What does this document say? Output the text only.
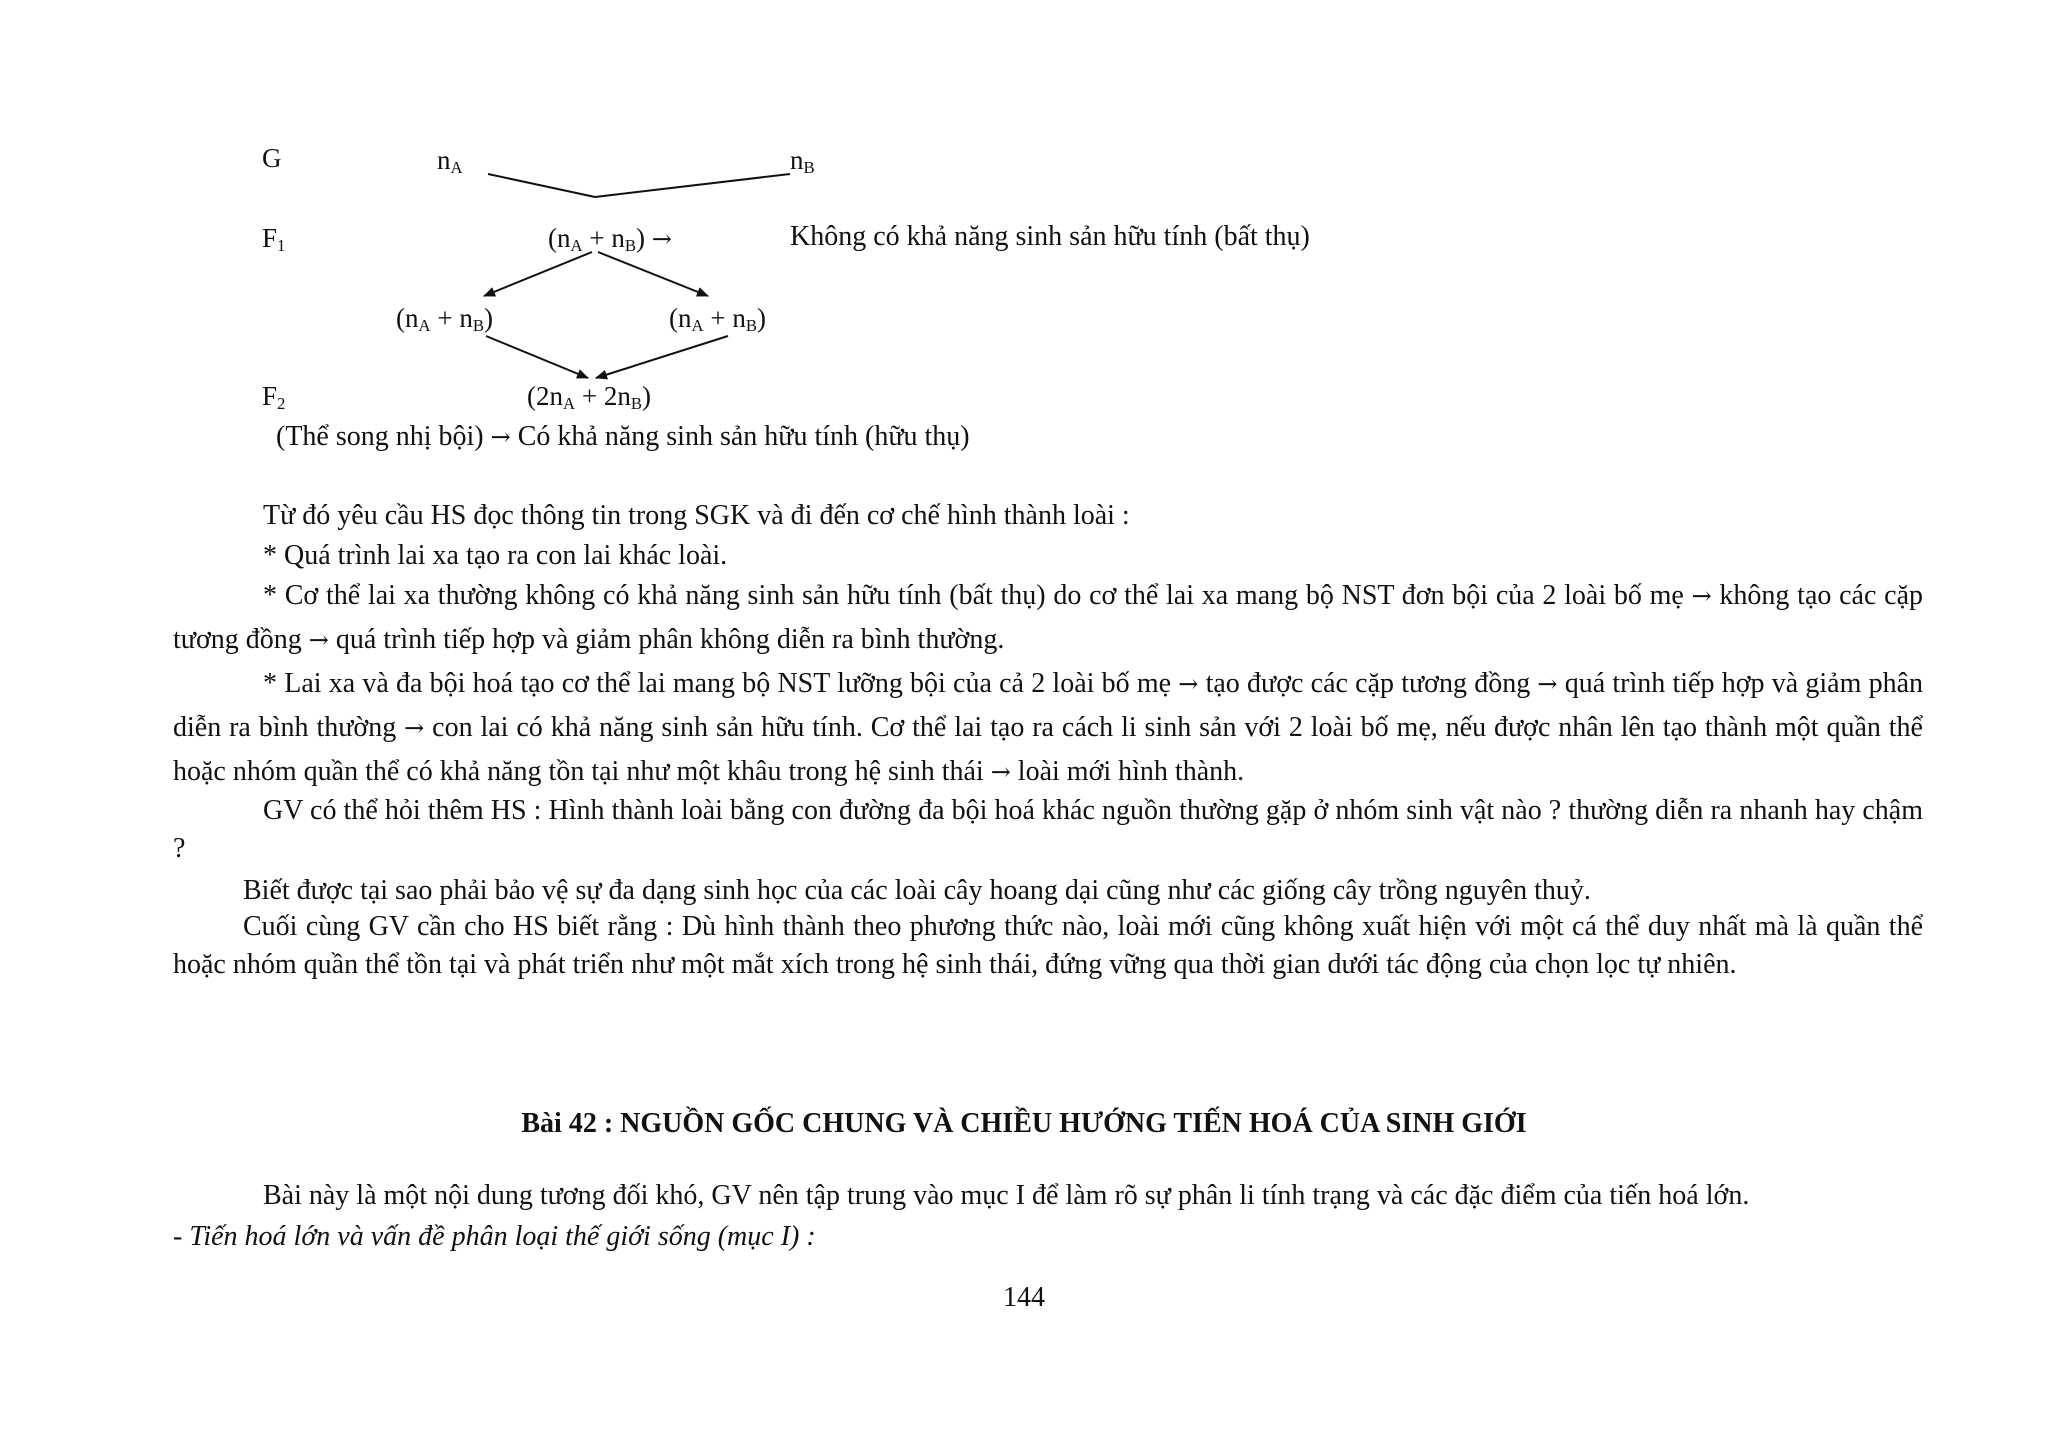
G	$n_A$	$n_B$
$F_1$	$(n_A + n_B)$ →	Không có khả năng sinh sản hữu tính (bất thụ)
$(n_A + n_B)$	$(n_A + n_B)$
$F_2$	$(2n_A + 2n_B)$
(Thể song nhị bội) → Có khả năng sinh sản hữu tính (hữu thụ)
Từ đó yêu cầu HS đọc thông tin trong SGK và đi đến cơ chế hình thành loài :
* Quá trình lai xa tạo ra con lai khác loài.
* Cơ thể lai xa thường không có khả năng sinh sản hữu tính (bất thụ) do cơ thể lai xa mang bộ NST đơn bội của 2 loài bố mẹ → không tạo các cặp tương đồng → quá trình tiếp hợp và giảm phân không diễn ra bình thường.
* Lai xa và đa bội hoá tạo cơ thể lai mang bộ NST lưỡng bội của cả 2 loài bố mẹ → tạo được các cặp tương đồng → quá trình tiếp hợp và giảm phân diễn ra bình thường → con lai có khả năng sinh sản hữu tính. Cơ thể lai tạo ra cách li sinh sản với 2 loài bố mẹ, nếu được nhân lên tạo thành một quần thể hoặc nhóm quần thể có khả năng tồn tại như một khâu trong hệ sinh thái → loài mới hình thành.
GV có thể hỏi thêm HS : Hình thành loài bằng con đường đa bội hoá khác nguồn thường gặp ở nhóm sinh vật nào ? thường diễn ra nhanh hay chậm ?
Biết được tại sao phải bảo vệ sự đa dạng sinh học của các loài cây hoang dại cũng như các giống cây trồng nguyên thuỷ.
Cuối cùng GV cần cho HS biết rằng : Dù hình thành theo phương thức nào, loài mới cũng không xuất hiện với một cá thể duy nhất mà là quần thể hoặc nhóm quần thể tồn tại và phát triển như một mắt xích trong hệ sinh thái, đứng vững qua thời gian dưới tác động của chọn lọc tự nhiên.
Bài 42 : NGUỒN GỐC CHUNG VÀ CHIỀU HƯỚNG TIẾN HOÁ CỦA SINH GIỚI
Bài này là một nội dung tương đối khó, GV nên tập trung vào mục I để làm rõ sự phân li tính trạng và các đặc điểm của tiến hoá lớn.
- Tiến hoá lớn và vấn đề phân loại thế giới sống (mục I) :
144
